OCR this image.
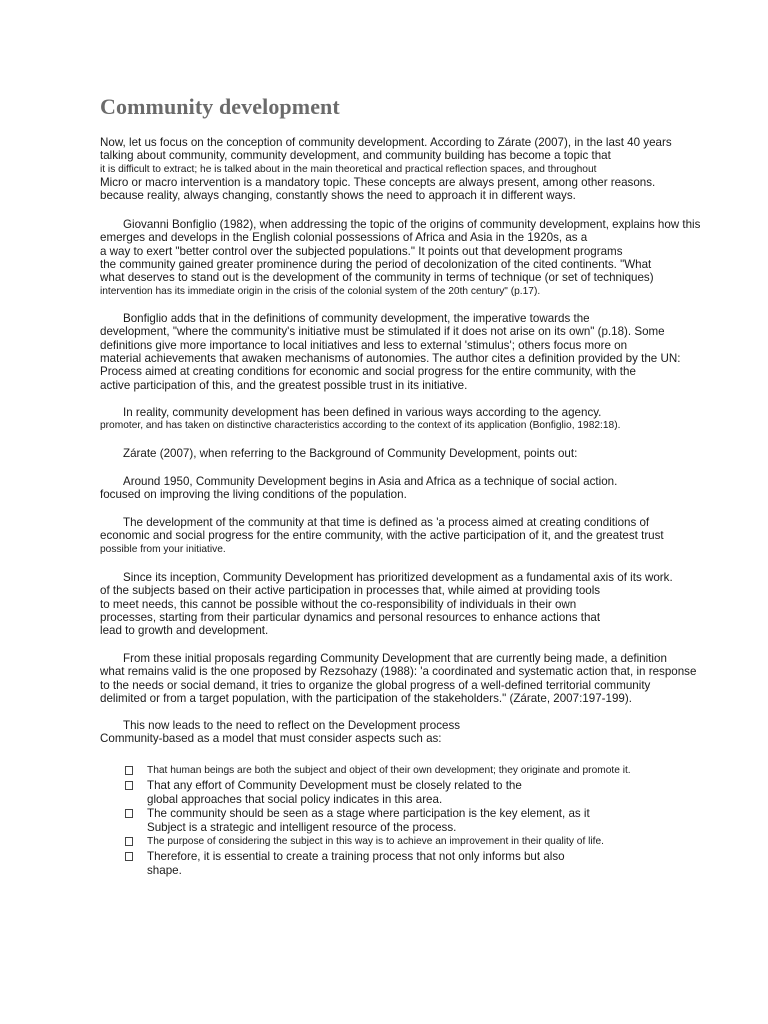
Community development
Now, let us focus on the conception of community development. According to Zárate (2007), in the last 40 years
talking about community, community development, and community building has become a topic that
it is difficult to extract; he is talked about in the main theoretical and practical reflection spaces, and throughout
Micro or macro intervention is a mandatory topic. These concepts are always present, among other reasons.
because reality, always changing, constantly shows the need to approach it in different ways.
Giovanni Bonfiglio (1982), when addressing the topic of the origins of community development, explains how this
emerges and develops in the English colonial possessions of Africa and Asia in the 1920s, as a
a way to exert "better control over the subjected populations." It points out that development programs
the community gained greater prominence during the period of decolonization of the cited continents. "What
what deserves to stand out is the development of the community in terms of technique (or set of techniques)
intervention has its immediate origin in the crisis of the colonial system of the 20th century" (p.17).
Bonfiglio adds that in the definitions of community development, the imperative towards the
development, "where the community's initiative must be stimulated if it does not arise on its own" (p.18). Some
definitions give more importance to local initiatives and less to external 'stimulus'; others focus more on
material achievements that awaken mechanisms of autonomies. The author cites a definition provided by the UN:
Process aimed at creating conditions for economic and social progress for the entire community, with the
active participation of this, and the greatest possible trust in its initiative.
In reality, community development has been defined in various ways according to the agency.
promoter, and has taken on distinctive characteristics according to the context of its application (Bonfiglio, 1982:18).
Zárate (2007), when referring to the Background of Community Development, points out:
Around 1950, Community Development begins in Asia and Africa as a technique of social action.
focused on improving the living conditions of the population.
The development of the community at that time is defined as 'a process aimed at creating conditions of
economic and social progress for the entire community, with the active participation of it, and the greatest trust
possible from your initiative.
Since its inception, Community Development has prioritized development as a fundamental axis of its work.
of the subjects based on their active participation in processes that, while aimed at providing tools
to meet needs, this cannot be possible without the co-responsibility of individuals in their own
processes, starting from their particular dynamics and personal resources to enhance actions that
lead to growth and development.
From these initial proposals regarding Community Development that are currently being made, a definition
what remains valid is the one proposed by Rezsohazy (1988): 'a coordinated and systematic action that, in response
to the needs or social demand, it tries to organize the global progress of a well-defined territorial community
delimited or from a target population, with the participation of the stakeholders." (Zárate, 2007:197-199).
This now leads to the need to reflect on the Development process
Community-based as a model that must consider aspects such as:
That human beings are both the subject and object of their own development; they originate and promote it.
That any effort of Community Development must be closely related to the
global approaches that social policy indicates in this area.
The community should be seen as a stage where participation is the key element, as it
Subject is a strategic and intelligent resource of the process.
The purpose of considering the subject in this way is to achieve an improvement in their quality of life.
Therefore, it is essential to create a training process that not only informs but also
shape.
